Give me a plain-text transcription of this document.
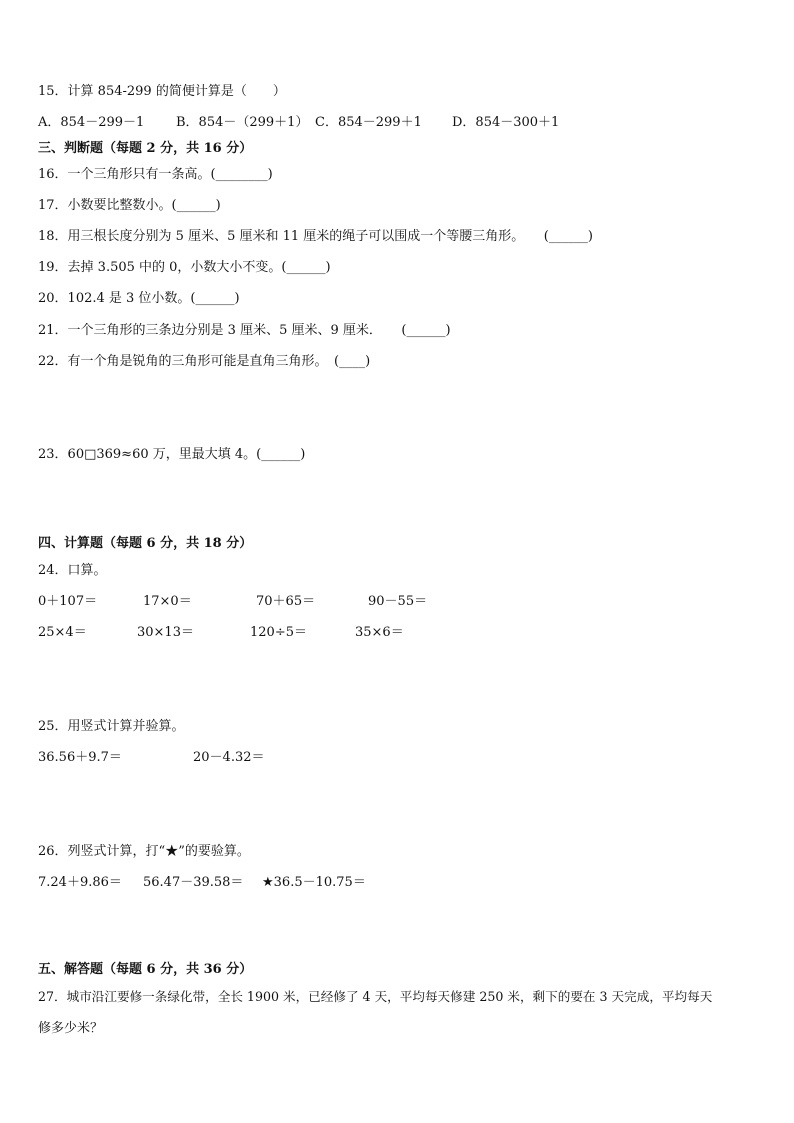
15．计算 854-299 的简便计算是（　　）
A．854－299－1 B．854－（299＋1） C．854－299＋1 D．854－300＋1
三、判断题（每题 2 分，共 16 分）
16．一个三角形只有一条高。(________)
17．小数要比整数小。(______)
18．用三根长度分别为 5 厘米、5 厘米和 11 厘米的绳子可以围成一个等腰三角形。　　(______)
19．去掉 3.505 中的 0，小数大小不变。(______)
20．102.4 是 3 位小数。(______)
21．一个三角形的三条边分别是 3 厘米、5 厘米、9 厘米．　　(______)
22．有一个角是锐角的三角形可能是直角三角形。　(____)
23．60□369≈60 万，里最大填 4。(______)
四、计算题（每题 6 分，共 18 分）
24．口算。
0＋107＝	17×0＝	70＋65＝	90－55＝
25×4＝	30×13＝	120÷5＝	35×6＝
25．用竖式计算并验算。
36.56＋9.7＝	20－4.32＝
26．列竖式计算，打“★”的要验算。
7.24＋9.86＝ 56.47－39.58＝ ★36.5－10.75＝
五、解答题（每题 6 分，共 36 分）
27．城市沿江要修一条绿化带，全长 1900 米，已经修了 4 天，平均每天修建 250 米，剩下的要在 3 天完成，平均每天
修多少米？
